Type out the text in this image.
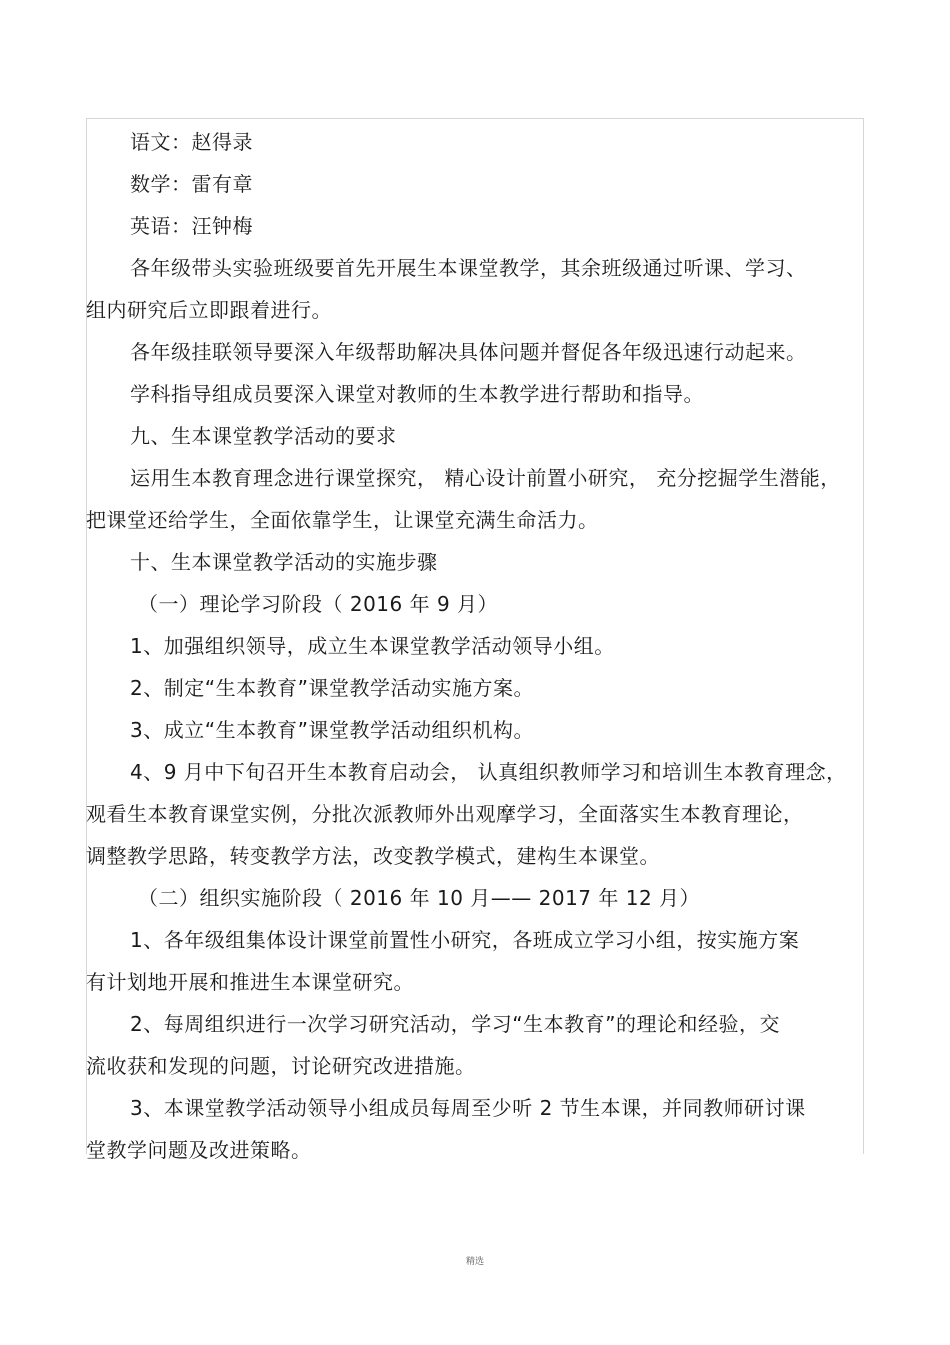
语文：赵得录
数学：雷有章
英语：汪钟梅
各年级带头实验班级要首先开展生本课堂教学，其余班级通过听课、学习、
组内研究后立即跟着进行。
各年级挂联领导要深入年级帮助解决具体问题并督促各年级迅速行动起来。
学科指导组成员要深入课堂对教师的生本教学进行帮助和指导。
九、生本课堂教学活动的要求
运用生本教育理念进行课堂探究， 精心设计前置小研究， 充分挖掘学生潜能，
把课堂还给学生，全面依靠学生，让课堂充满生命活力。
十、生本课堂教学活动的实施步骤
（一）理论学习阶段（ 2016 年 9 月）
1、加强组织领导，成立生本课堂教学活动领导小组。
2、制定“生本教育”课堂教学活动实施方案。
3、成立“生本教育”课堂教学活动组织机构。
4、9 月中下旬召开生本教育启动会， 认真组织教师学习和培训生本教育理念，
观看生本教育课堂实例，分批次派教师外出观摩学习，全面落实生本教育理论，
调整教学思路，转变教学方法，改变教学模式，建构生本课堂。
（二）组织实施阶段（ 2016 年 10 月—— 2017 年 12 月）
1、各年级组集体设计课堂前置性小研究，各班成立学习小组，按实施方案
有计划地开展和推进生本课堂研究。
2、每周组织进行一次学习研究活动，学习“生本教育”的理论和经验，交
流收获和发现的问题，讨论研究改进措施。
3、本课堂教学活动领导小组成员每周至少听 2 节生本课，并同教师研讨课
堂教学问题及改进策略。
精选
